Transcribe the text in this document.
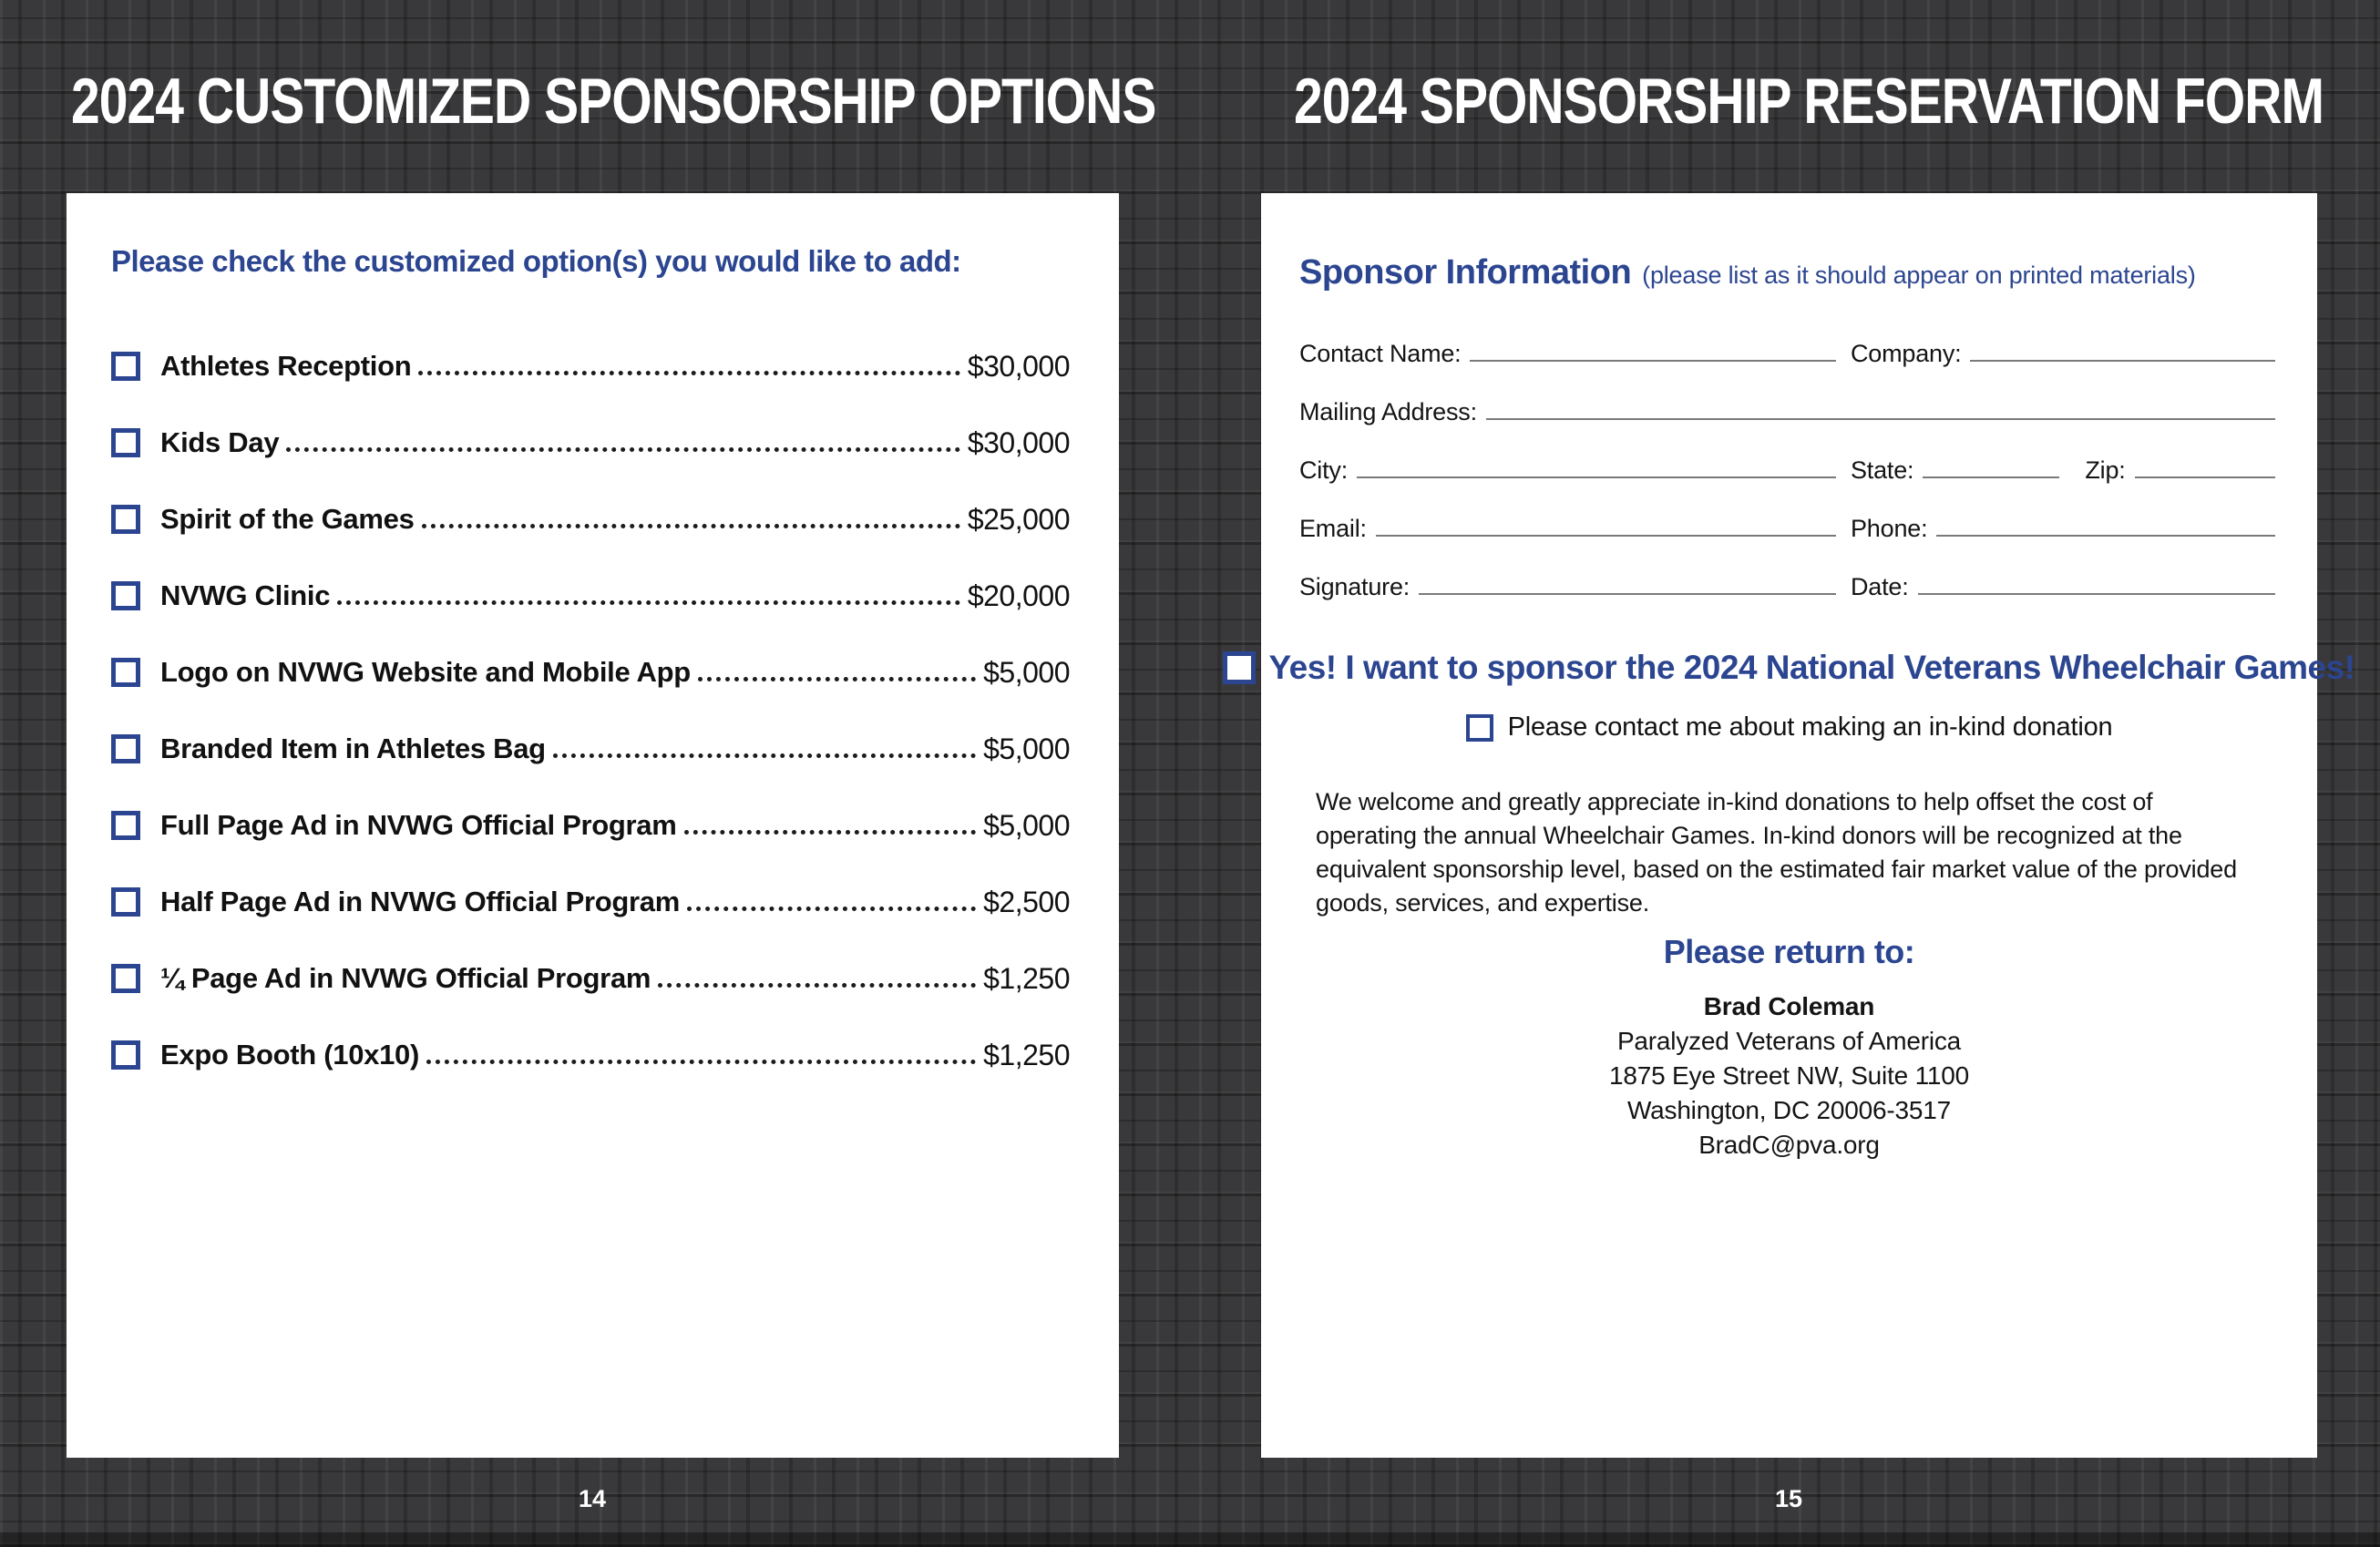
2024 CUSTOMIZED SPONSORSHIP OPTIONS	2024 SPONSORSHIP RESERVATION FORM
Please check the customized option(s) you would like to add:
Athletes Reception	$30,000
Kids Day	$30,000
Spirit of the Games	$25,000
NVWG Clinic	$20,000
Logo on NVWG Website and Mobile App	$5,000
Branded Item in Athletes Bag	$5,000
Full Page Ad in NVWG Official Program	$5,000
Half Page Ad in NVWG Official Program	$2,500
¼ Page Ad in NVWG Official Program	$1,250
Expo Booth (10x10)	$1,250
Sponsor Information (please list as it should appear on printed materials)
Contact Name:	Company:
Mailing Address:
City:	State:	Zip:
Email:	Phone:
Signature:	Date:
Yes! I want to sponsor the 2024 National Veterans Wheelchair Games!
Please contact me about making an in-kind donation

We welcome and greatly appreciate in-kind donations to help offset the cost of operating the annual Wheelchair Games. In-kind donors will be recognized at the equivalent sponsorship level, based on the estimated fair market value of the provided goods, services, and expertise.

Please return to:
Brad Coleman
Paralyzed Veterans of America
1875 Eye Street NW, Suite 1100
Washington, DC 20006-3517
BradC@pva.org
14	15
